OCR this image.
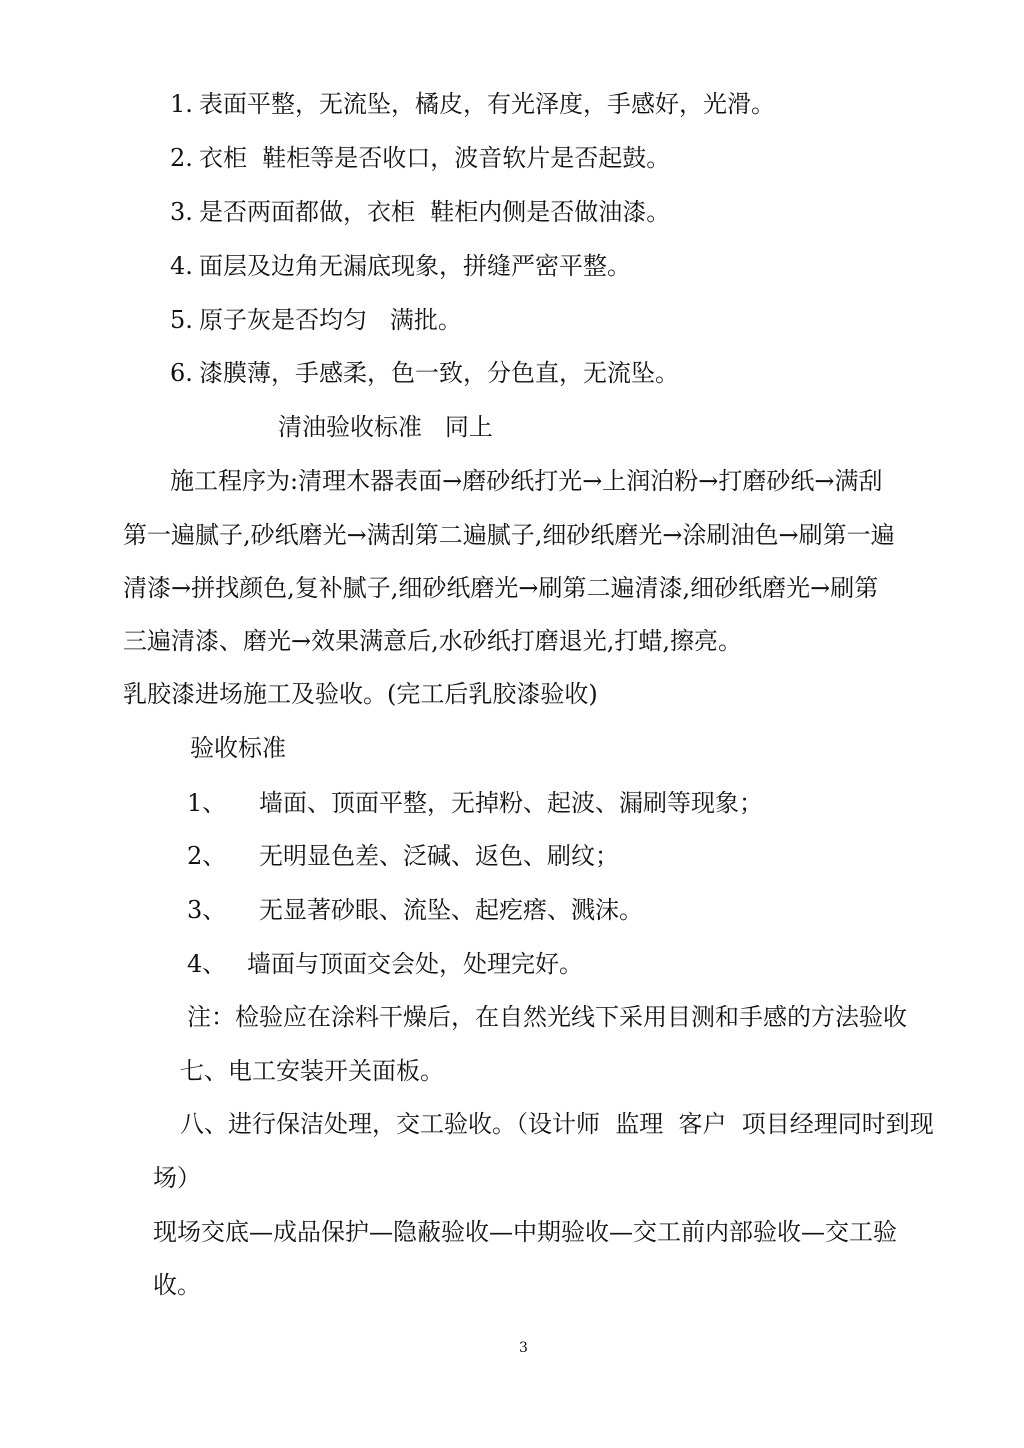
1. 表面平整，无流坠，橘皮，有光泽度，手感好，光滑。
2. 衣柜  鞋柜等是否收口，波音软片是否起鼓。
3. 是否两面都做，衣柜  鞋柜内侧是否做油漆。
4. 面层及边角无漏底现象，拼缝严密平整。
5. 原子灰是否均匀   满批。
6. 漆膜薄，手感柔，色一致，分色直，无流坠。
清油验收标准   同上
施工程序为:清理木器表面→磨砂纸打光→上润泊粉→打磨砂纸→满刮
第一遍腻子,砂纸磨光→满刮第二遍腻子,细砂纸磨光→涂刷油色→刷第一遍
清漆→拼找颜色,复补腻子,细砂纸磨光→刷第二遍清漆,细砂纸磨光→刷第
三遍清漆、磨光→效果满意后,水砂纸打磨退光,打蜡,擦亮。
乳胶漆进场施工及验收。(完工后乳胶漆验收)
验收标准
1、 墙面、顶面平整，无掉粉、起波、漏刷等现象；
2、 无明显色差、泛碱、返色、刷纹；
3、 无显著砂眼、流坠、起疙瘩、溅沫。
4、 墙面与顶面交会处，处理完好。
注：检验应在涂料干燥后，在自然光线下采用目测和手感的方法验收
七、电工安装开关面板。
八、进行保洁处理，交工验收。（设计师  监理  客户  项目经理同时到现
场）
现场交底—成品保护—隐蔽验收—中期验收—交工前内部验收—交工验
收。
3
